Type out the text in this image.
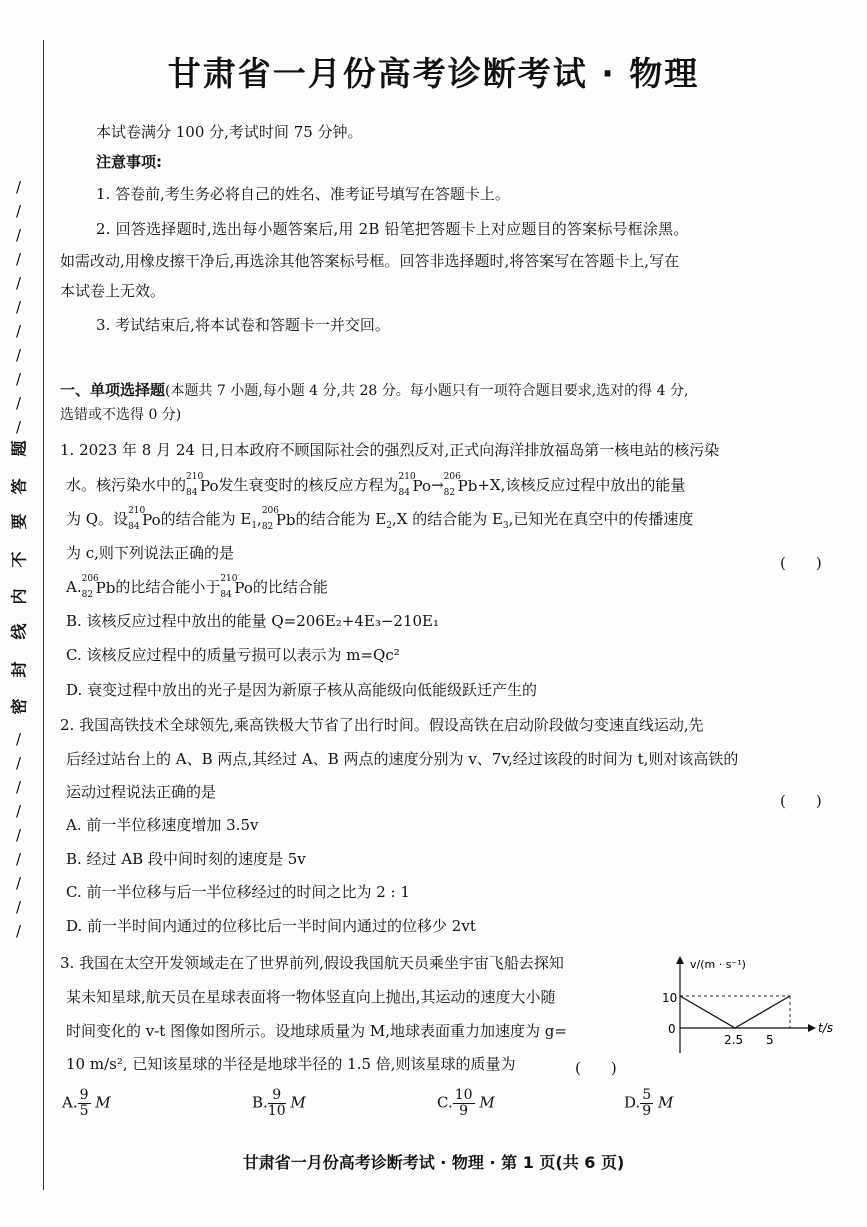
/
/
/
/
/
/
/
/
/
/
/
/
/
/
/
/
/
/
/
/
密
封
线
内
不
要
答
题
甘肃省一月份高考诊断考试 · 物理
本试卷满分 100 分,考试时间 75 分钟。
注意事项:
1. 答卷前,考生务必将自己的姓名、准考证号填写在答题卡上。
2. 回答选择题时,选出每小题答案后,用 2B 铅笔把答题卡上对应题目的答案标号框涂黑。
如需改动,用橡皮擦干净后,再选涂其他答案标号框。回答非选择题时,将答案写在答题卡上,写在
本试卷上无效。
3. 考试结束后,将本试卷和答题卡一并交回。
一、单项选择题(本题共 7 小题,每小题 4 分,共 28 分。每小题只有一项符合题目要求,选对的得 4 分,
选错或不选得 0 分)
1. 2023 年 8 月 24 日,日本政府不顾国际社会的强烈反对,正式向海洋排放福岛第一核电站的核污染
水。核污染水中的 210
84 Po发生衰变时的核反应方程为 210
84 Po→ 206
82 Pb+X,该核反应过程中放出的能量
为 Q。设 210
84 Po的结合能为 $E_1$, 206
82 Pb的结合能为 $E_2,X$ 的结合能为 $E_3$,已知光在真空中的传播速度
为 c,则下列说法正确的是
(　　)
A. 206
82 Pb的比结合能小于 210
84 Po的比结合能
B. 该核反应过程中放出的能量 Q=206E₂+4E₃−210E₁
C. 该核反应过程中的质量亏损可以表示为 m=Qc²
D. 衰变过程中放出的光子是因为新原子核从高能级向低能级跃迁产生的
2. 我国高铁技术全球领先,乘高铁极大节省了出行时间。假设高铁在启动阶段做匀变速直线运动,先
后经过站台上的 A、B 两点,其经过 A、B 两点的速度分别为 v、7v,经过该段的时间为 t,则对该高铁的
运动过程说法正确的是	(　　)
A. 前一半位移速度增加 3.5v
B. 经过 AB 段中间时刻的速度是 5v
C. 前一半位移与后一半位移经过的时间之比为 2 : 1
D. 前一半时间内通过的位移比后一半时间内通过的位移少 2vt
3. 我国在太空开发领域走在了世界前列,假设我国航天员乘坐宇宙飞船去探知
某未知星球,航天员在星球表面将一物体竖直向上抛出,其运动的速度大小随
时间变化的 v-t 图像如图所示。设地球质量为 M,地球表面重力加速度为 g=
10 m/s², 已知该星球的半径是地球半径的 1.5 倍,则该星球的质量为	(　　)
v/(m · s⁻¹)
t/s
10
0
2.5 5
A. $\frac{9}{5}$ M	B. $\frac{9}{10}$ M	C. $\frac{10}{9}$ M	D. $\frac{5}{9}$ M
甘肃省一月份高考诊断考试 · 物理 · 第 1 页(共 6 页)
